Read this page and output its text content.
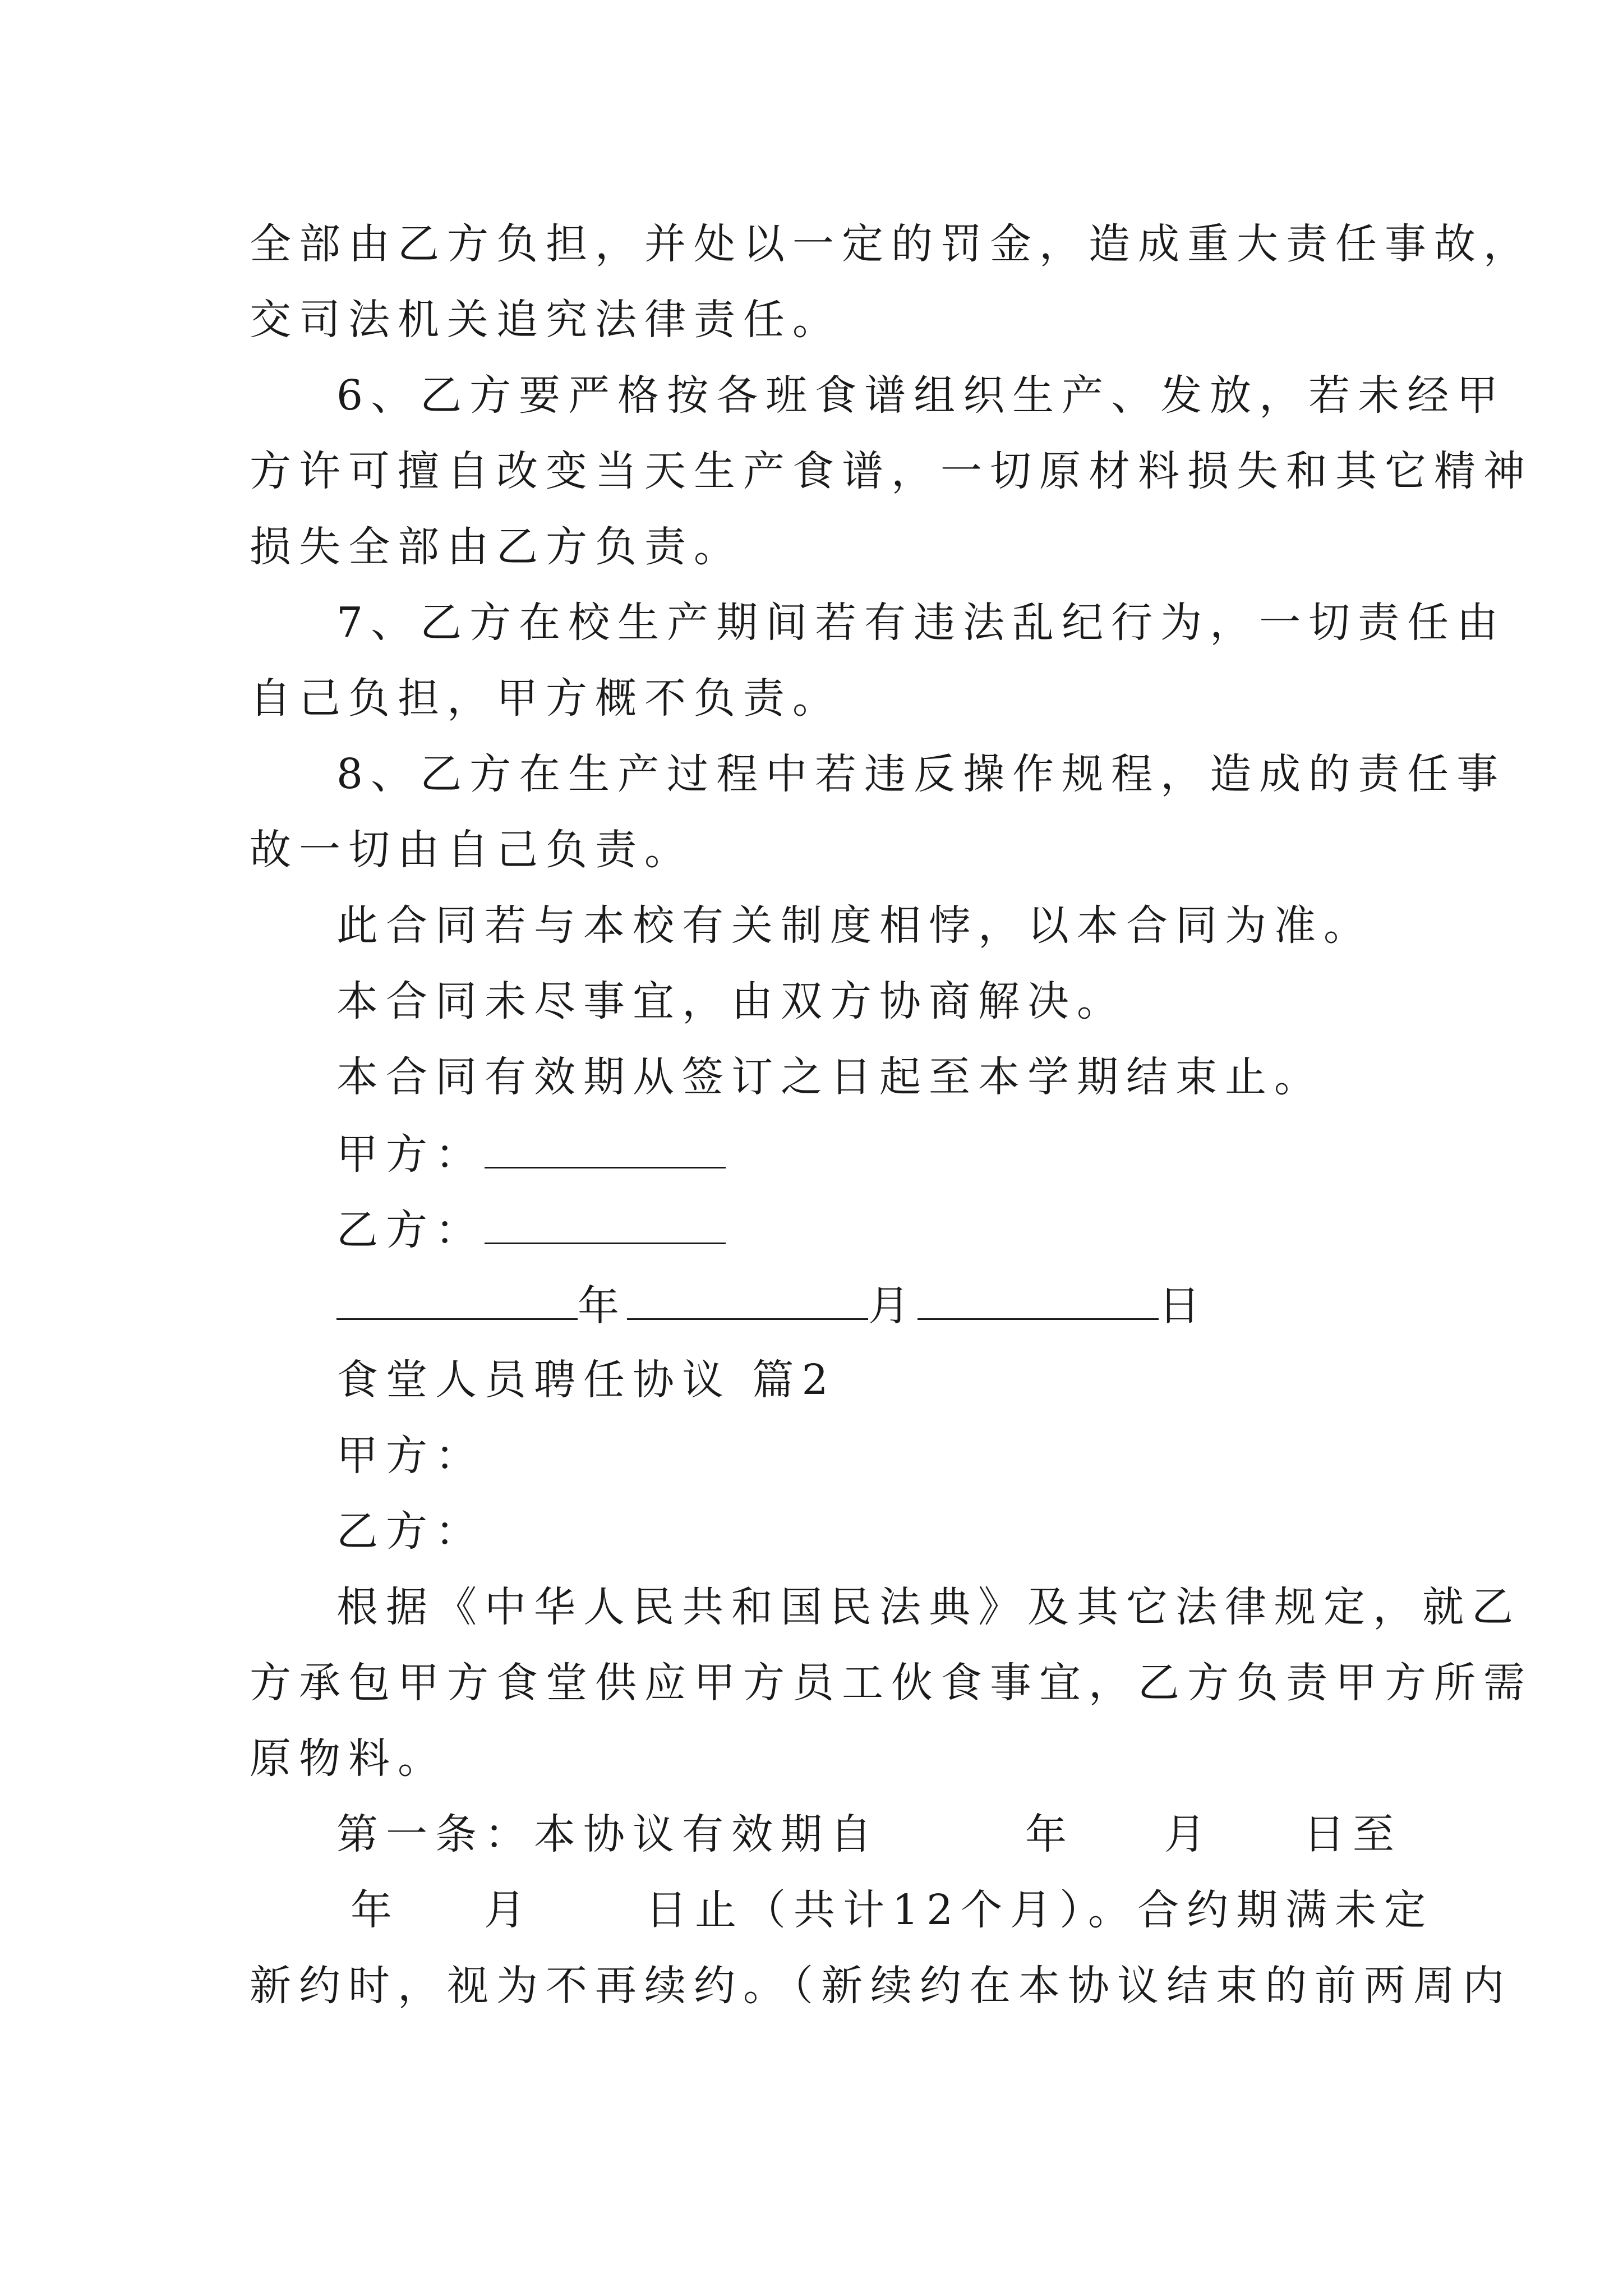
全部由乙方负担，并处以一定的罚金，造成重大责任事故，
交司法机关追究法律责任。
6、乙方要严格按各班食谱组织生产、发放，若未经甲
方许可擅自改变当天生产食谱，一切原材料损失和其它精神
损失全部由乙方负责。
7、乙方在校生产期间若有违法乱纪行为，一切责任由
自己负担，甲方概不负责。
8、乙方在生产过程中若违反操作规程，造成的责任事
故一切由自己负责。
此合同若与本校有关制度相悖，以本合同为准。
本合同未尽事宜，由双方协商解决。
本合同有效期从签订之日起至本学期结束止。
甲方：
乙方：
年	月	日
食堂人员聘任协议 篇2
甲方：
乙方：
根据《中华人民共和国民法典》及其它法律规定，就乙
方承包甲方食堂供应甲方员工伙食事宜，乙方负责甲方所需
原物料。
第一条：本协议有效期自	年 月 日至
年 月	日止（共计12个月）。合约期满未定
新约时，视为不再续约。（新续约在本协议结束的前两周内
